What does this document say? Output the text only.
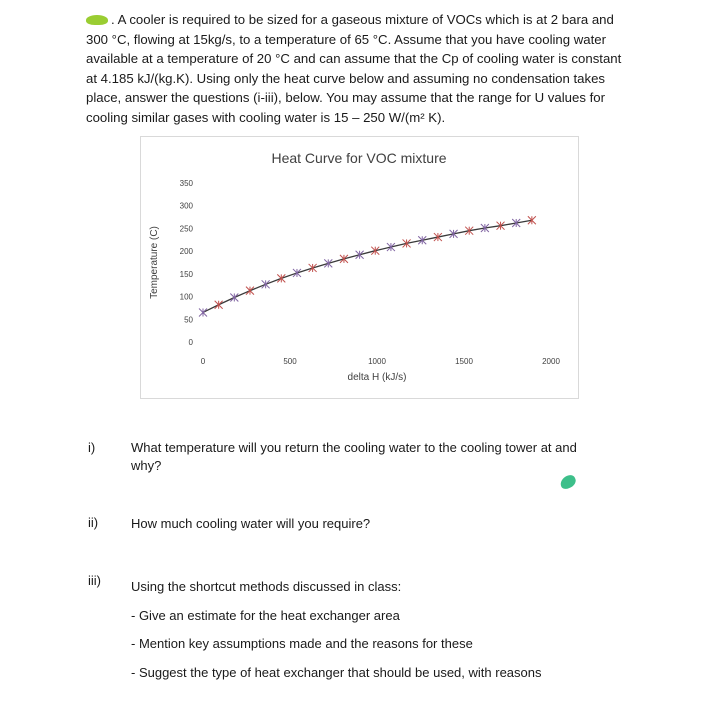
. A cooler is required to be sized for a gaseous mixture of VOCs which is at 2 bara and
300 °C, flowing at 15kg/s, to a temperature of 65 °C. Assume that you have cooling water
available at a temperature of 20 °C and can assume that the Cp of cooling water is constant
at 4.185 kJ/(kg.K). Using only the heat curve below and assuming no condensation takes
place, answer the questions (i-iii), below. You may assume that the range for U values for
cooling similar gases with cooling water is 15 – 250 W/(m² K).
Heat Curve for VOC mixture
Temperature (C)
delta H (kJ/s)
0
50
100
150
200
250
300
350
0	500	1000	1500	2000
i)	What temperature will you return the cooling water to the cooling tower at and
why?
ii)	How much cooling water will you require?
iii) Using the shortcut methods discussed in class:
- Give an estimate for the heat exchanger area
- Mention key assumptions made and the reasons for these
- Suggest the type of heat exchanger that should be used, with reasons
